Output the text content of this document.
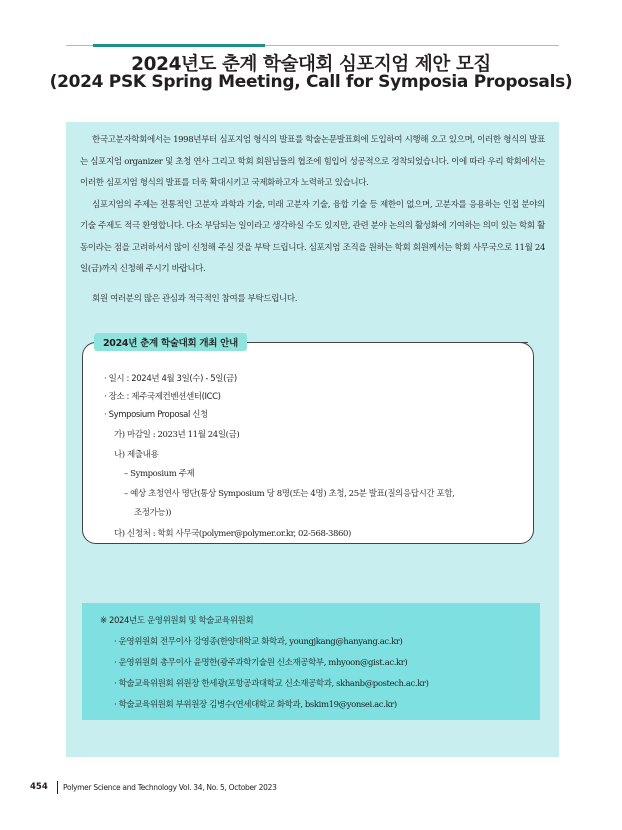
2024년도 춘계 학술대회 심포지엄 제안 모집
(2024 PSK Spring Meeting, Call for Symposia Proposals)

한국고분자학회에서는 1998년부터 심포지엄 형식의 발표를 학술논문발표회에 도입하여 시행해 오고 있으며, 이러한 형식의 발표는 심포지엄 organizer 및 초청 연사 그리고 학회 회원님들의 협조에 힘입어 성공적으로 정착되었습니다. 이에 따라 우리 학회에서는 이러한 심포지엄 형식의 발표를 더욱 확대시키고 국제화하고자 노력하고 있습니다.

심포지엄의 주제는 전통적인 고분자 과학과 기술, 미래 고분자 기술, 융합 기술 등 제한이 없으며, 고분자를 응용하는 인접 분야의 기술 주제도 적극 환영합니다. 다소 부담되는 일이라고 생각하실 수도 있지만, 관련 분야 논의의 활성화에 기여하는 의미 있는 학회 활동이라는 점을 고려하셔서 많이 신청해 주실 것을 부탁 드립니다. 심포지엄 조직을 원하는 학회 회원께서는 학회 사무국으로 11월 24일(금)까지 신청해 주시기 바랍니다.

회원 여러분의 많은 관심과 적극적인 참여를 부탁드립니다.
2024년 춘계 학술대회 개최 안내
· 일시 : 2024년 4월 3일(수) - 5일(금)
· 장소 : 제주국제컨벤션센터(ICC)
· Symposium Proposal 신청
가) 마감일 : 2023년 11월 24일(금)
나) 제출내용
– Symposium 주제
– 예상 초청연사 명단(통상 Symposium 당 8명(또는 4명) 초청, 25분 발표(질의응답시간 포함,
조정가능))
다) 신청처 : 학회 사무국(polymer@polymer.or.kr, 02-568-3860)
※ 2024년도 운영위원회 및 학술교육위원회
· 운영위원회 전무이사 강영종(한양대학교 화학과, youngjkang@hanyang.ac.kr)
· 운영위원회 총무이사 윤명한(광주과학기술원 신소재공학부, mhyoon@gist.ac.kr)
· 학술교육위원회 위원장 한세광(포항공과대학교 신소재공학과, skhanb@postech.ac.kr)
· 학술교육위원회 부위원장 김병수(연세대학교 화학과, bskim19@yonsei.ac.kr)
454 Polymer Science and Technology Vol. 34, No. 5, October 2023
